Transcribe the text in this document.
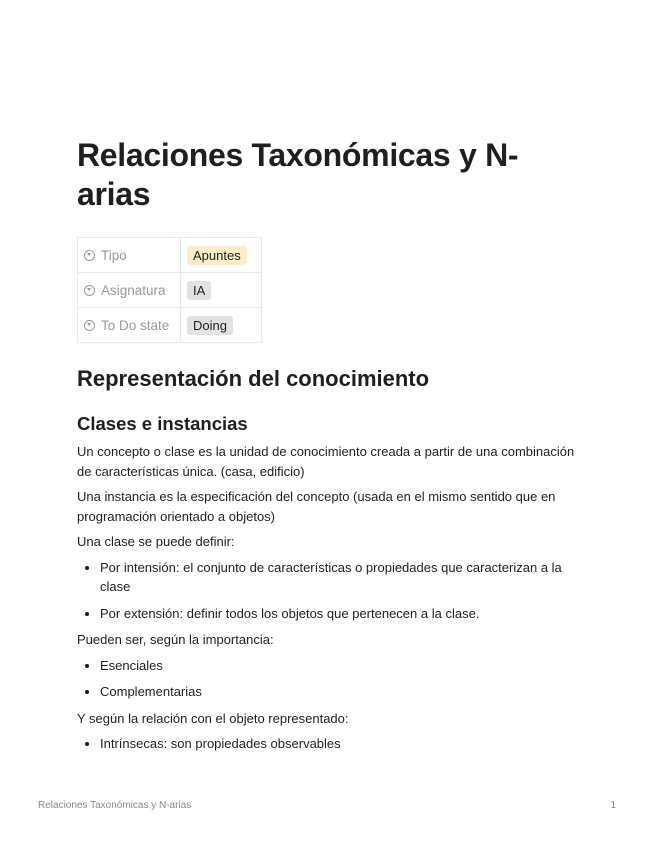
Relaciones Taxonómicas y N-arias
Tipo	Apuntes
Asignatura	IA
To Do state	Doing
Representación del conocimiento
Clases e instancias

Un concepto o clase es la unidad de conocimiento creada a partir de una combinación de características única. (casa, edificio)

Una instancia es la especificación del concepto (usada en el mismo sentido que en programación orientado a objetos)

Una clase se puede definir:

• Por intensión: el conjunto de características o propiedades que caracterizan a la clase
• Por extensión: definir todos los objetos que pertenecen a la clase.

Pueden ser, según la importancia:

• Esenciales
• Complementarias

Y según la relación con el objeto representado:

• Intrínsecas: son propiedades observables
Relaciones Taxonómicas y N-arias	1
